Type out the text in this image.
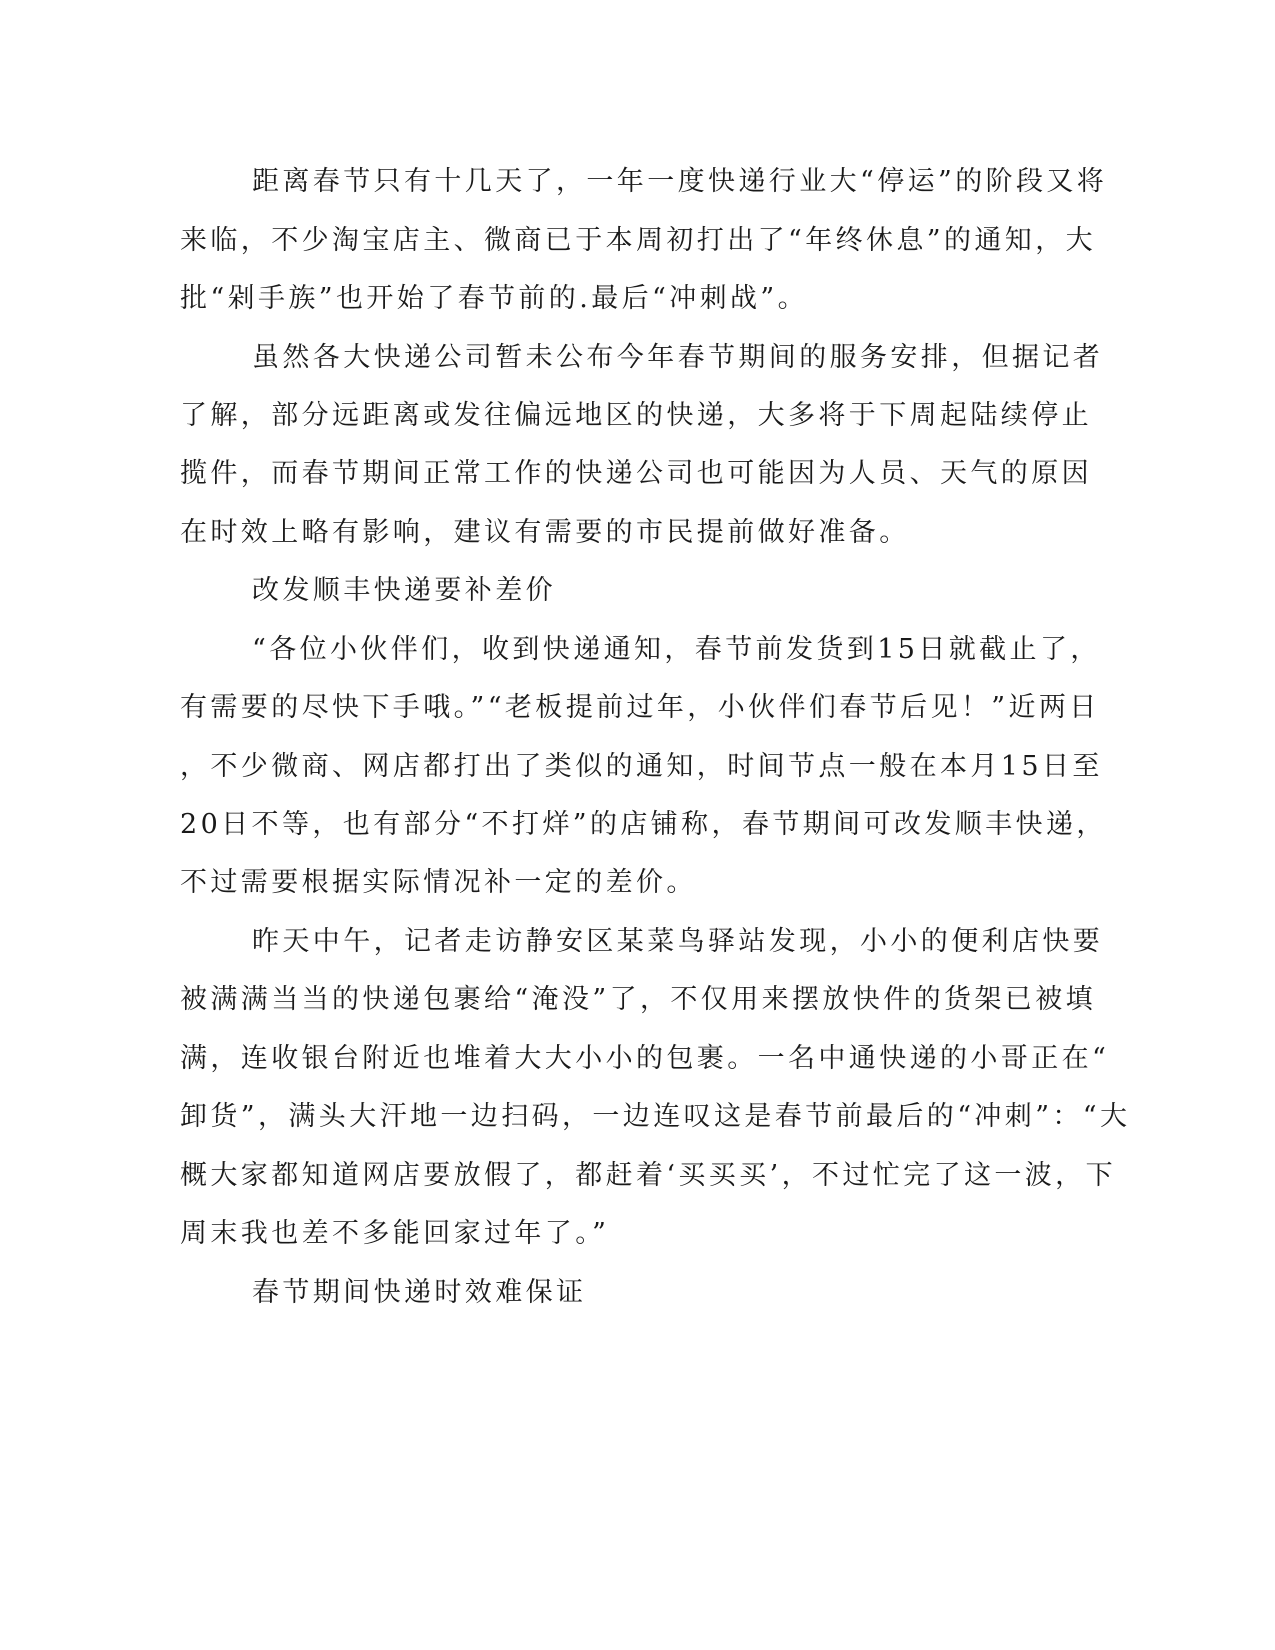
距离春节只有十几天了，一年一度快递行业大“停运”的阶段又将
来临，不少淘宝店主、微商已于本周初打出了“年终休息”的通知，大
批“剁手族”也开始了春节前的.最后“冲刺战”。
虽然各大快递公司暂未公布今年春节期间的服务安排，但据记者
了解，部分远距离或发往偏远地区的快递，大多将于下周起陆续停止
揽件，而春节期间正常工作的快递公司也可能因为人员、天气的原因
在时效上略有影响，建议有需要的市民提前做好准备。
改发顺丰快递要补差价
“各位小伙伴们，收到快递通知，春节前发货到15日就截止了，
有需要的尽快下手哦。”“老板提前过年，小伙伴们春节后见！”近两日
，不少微商、网店都打出了类似的通知，时间节点一般在本月15日至
20日不等，也有部分“不打烊”的店铺称，春节期间可改发顺丰快递，
不过需要根据实际情况补一定的差价。
昨天中午，记者走访静安区某菜鸟驿站发现，小小的便利店快要
被满满当当的快递包裹给“淹没”了，不仅用来摆放快件的货架已被填
满，连收银台附近也堆着大大小小的包裹。一名中通快递的小哥正在“
卸货”，满头大汗地一边扫码，一边连叹这是春节前最后的“冲刺”：“大
概大家都知道网店要放假了，都赶着‘买买买’，不过忙完了这一波，下
周末我也差不多能回家过年了。”
春节期间快递时效难保证
